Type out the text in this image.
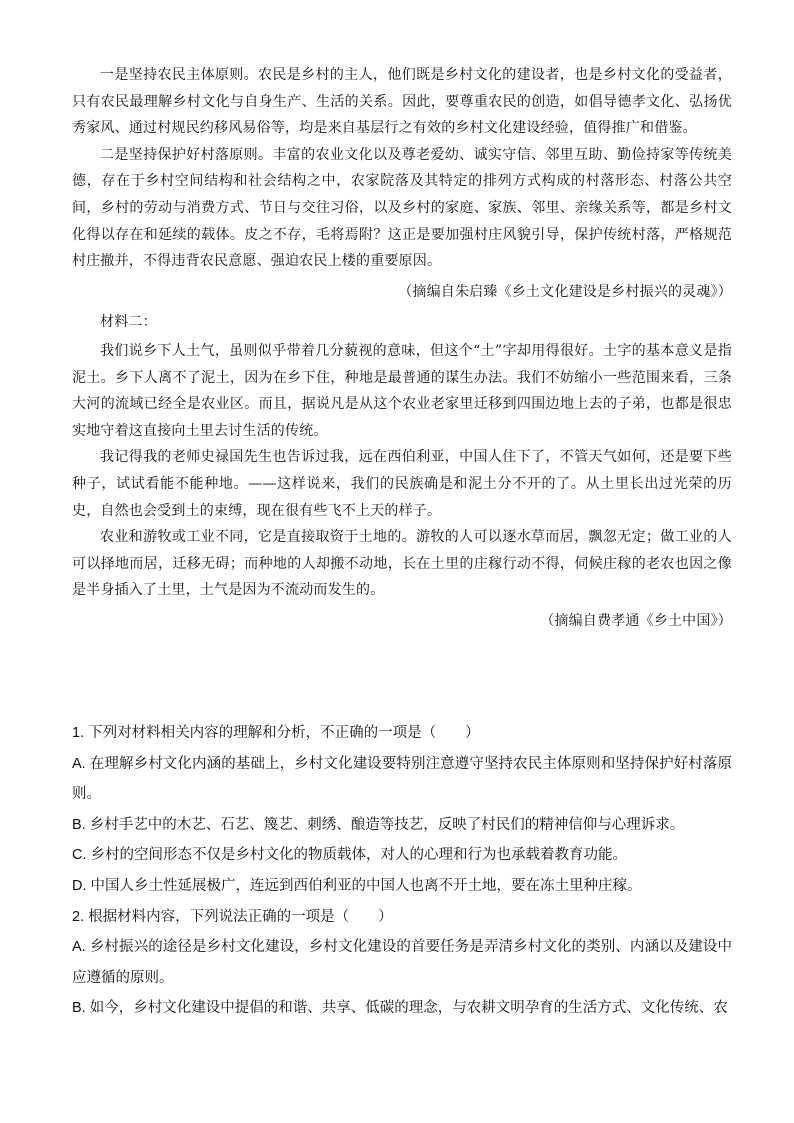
一是坚持农民主体原则。农民是乡村的主人，他们既是乡村文化的建设者，也是乡村文化的受益者，只有农民最理解乡村文化与自身生产、生活的关系。因此，要尊重农民的创造，如倡导德孝文化、弘扬优秀家风、通过村规民约移风易俗等，均是来自基层行之有效的乡村文化建设经验，值得推广和借鉴。

二是坚持保护好村落原则。丰富的农业文化以及尊老爱幼、诚实守信、邻里互助、勤俭持家等传统美德，存在于乡村空间结构和社会结构之中，农家院落及其特定的排列方式构成的村落形态、村落公共空间，乡村的劳动与消费方式、节日与交往习俗，以及乡村的家庭、家族、邻里、亲缘关系等，都是乡村文化得以存在和延续的载体。皮之不存，毛将焉附？这正是要加强村庄风貌引导，保护传统村落，严格规范村庄撤并，不得违背农民意愿、强迫农民上楼的重要原因。

（摘编自朱启臻《乡土文化建设是乡村振兴的灵魂》）

材料二：

我们说乡下人土气，虽则似乎带着几分藐视的意味，但这个“土”字却用得很好。土字的基本意义是指泥土。乡下人离不了泥土，因为在乡下住，种地是最普通的谋生办法。我们不妨缩小一些范围来看，三条大河的流域已经全是农业区。而且，据说凡是从这个农业老家里迁移到四围边地上去的子弟，也都是很忠实地守着这直接向土里去讨生活的传统。

我记得我的老师史禄国先生也告诉过我，远在西伯利亚，中国人住下了，不管天气如何，还是要下些种子，试试看能不能种地。——这样说来，我们的民族确是和泥土分不开的了。从土里长出过光荣的历史，自然也会受到土的束缚，现在很有些飞不上天的样子。

农业和游牧或工业不同，它是直接取资于土地的。游牧的人可以逐水草而居，飘忽无定；做工业的人可以择地而居，迁移无碍；而种地的人却搬不动地，长在土里的庄稼行动不得，伺候庄稼的老农也因之像是半身插入了土里，土气是因为不流动而发生的。

（摘编自费孝通《乡土中国》）

1. 下列对材料相关内容的理解和分析，不正确的一项是（　　）

A. 在理解乡村文化内涵的基础上，乡村文化建设要特别注意遵守坚持农民主体原则和坚持保护好村落原则。

B. 乡村手艺中的木艺、石艺、篾艺、刺绣、酿造等技艺，反映了村民们的精神信仰与心理诉求。

C. 乡村的空间形态不仅是乡村文化的物质载体，对人的心理和行为也承载着教育功能。

D. 中国人乡土性延展极广，连远到西伯利亚的中国人也离不开土地，要在冻土里种庄稼。

2. 根据材料内容，下列说法正确的一项是（　　）

A. 乡村振兴的途径是乡村文化建设，乡村文化建设的首要任务是弄清乡村文化的类别、内涵以及建设中应遵循的原则。

B. 如今，乡村文化建设中提倡的和谐、共享、低碳的理念，与农耕文明孕育的生活方式、文化传统、农
